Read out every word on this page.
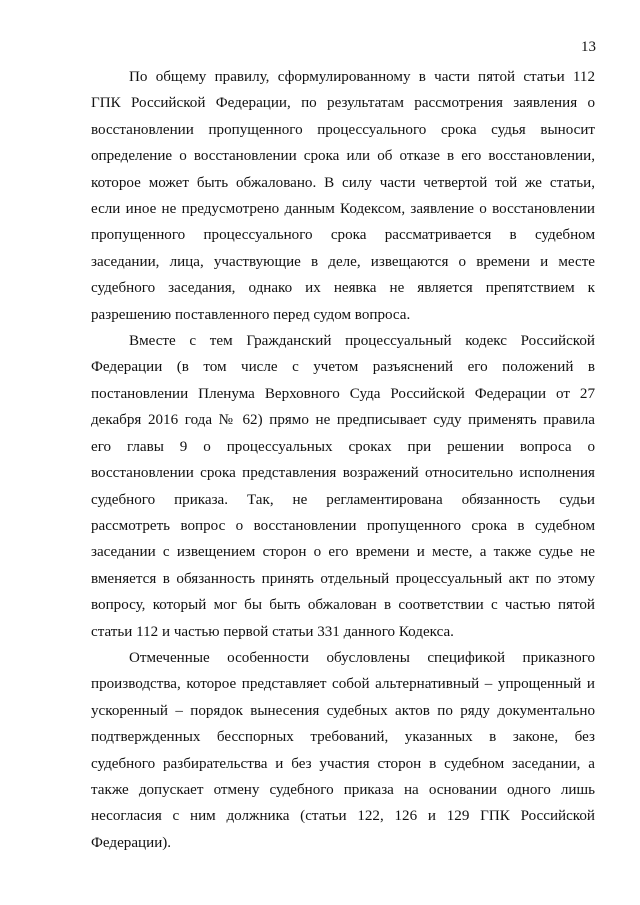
13
По общему правилу, сформулированному в части пятой статьи 112
ГПК Российской Федерации, по результатам рассмотрения заявления о
восстановлении пропущенного процессуального срока судья выносит
определение о восстановлении срока или об отказе в его восстановлении,
которое может быть обжаловано. В силу части четвертой той же статьи,
если иное не предусмотрено данным Кодексом, заявление о восстановлении
пропущенного процессуального срока рассматривается в судебном
заседании, лица, участвующие в деле, извещаются о времени и месте
судебного заседания, однако их неявка не является препятствием к
разрешению поставленного перед судом вопроса.
Вместе с тем Гражданский процессуальный кодекс Российской
Федерации (в том числе с учетом разъяснений его положений в
постановлении Пленума Верховного Суда Российской Федерации от 27
декабря 2016 года № 62) прямо не предписывает суду применять правила
его главы 9 о процессуальных сроках при решении вопроса о
восстановлении срока представления возражений относительно исполнения
судебного приказа. Так, не регламентирована обязанность судьи
рассмотреть вопрос о восстановлении пропущенного срока в судебном
заседании с извещением сторон о его времени и месте, а также судье не
вменяется в обязанность принять отдельный процессуальный акт по этому
вопросу, который мог бы быть обжалован в соответствии с частью пятой
статьи 112 и частью первой статьи 331 данного Кодекса.
Отмеченные особенности обусловлены спецификой приказного
производства, которое представляет собой альтернативный – упрощенный и
ускоренный – порядок вынесения судебных актов по ряду документально
подтвержденных бесспорных требований, указанных в законе, без
судебного разбирательства и без участия сторон в судебном заседании, а
также допускает отмену судебного приказа на основании одного лишь
несогласия с ним должника (статьи 122, 126 и 129 ГПК Российской
Федерации).
